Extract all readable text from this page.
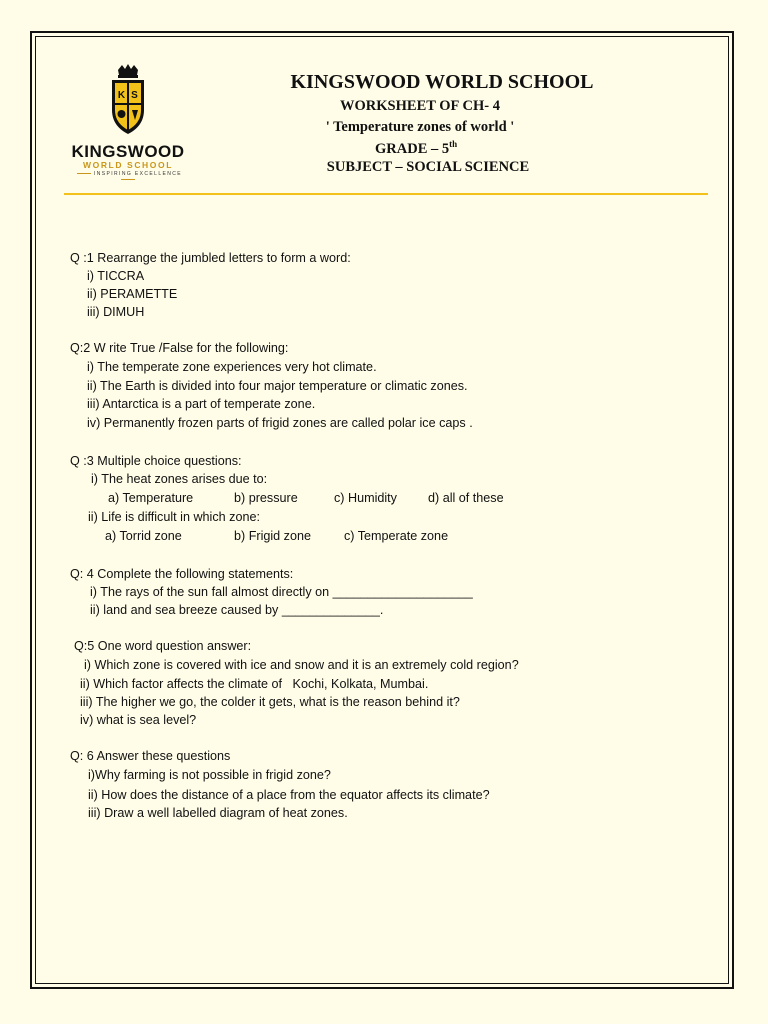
K S
KINGSWOOD
WORLD SCHOOL
INSPIRING EXCELLENCE
KINGSWOOD WORLD SCHOOL
WORKSHEET OF CH- 4
' Temperature zones of world '
GRADE – 5th
SUBJECT – SOCIAL SCIENCE
Q :1 Rearrange the jumbled letters to form a word:
i) TICCRA
ii) PERAMETTE
iii) DIMUH
Q:2 W rite True /False for the following:
i) The temperate zone experiences very hot climate.
ii) The Earth is divided into four major temperature or climatic zones.
iii) Antarctica is a part of temperate zone.
iv) Permanently frozen parts of frigid zones are called polar ice caps .
Q :3 Multiple choice questions:
i) The heat zones arises due to:
a) Temperature	b) pressure	c) Humidity d) all of these
ii) Life is difficult in which zone:
a) Torrid zone	b) Frigid zone	c) Temperate zone
Q: 4 Complete the following statements:
i) The rays of the sun fall almost directly on ____________________
ii) land and sea breeze caused by ______________.
Q:5 One word question answer:
i) Which zone is covered with ice and snow and it is an extremely cold region?
ii) Which factor affects the climate of   Kochi, Kolkata, Mumbai.
iii) The higher we go, the colder it gets, what is the reason behind it?
iv) what is sea level?
Q: 6 Answer these questions
i)Why farming is not possible in frigid zone?
ii) How does the distance of a place from the equator affects its climate?
iii) Draw a well labelled diagram of heat zones.
